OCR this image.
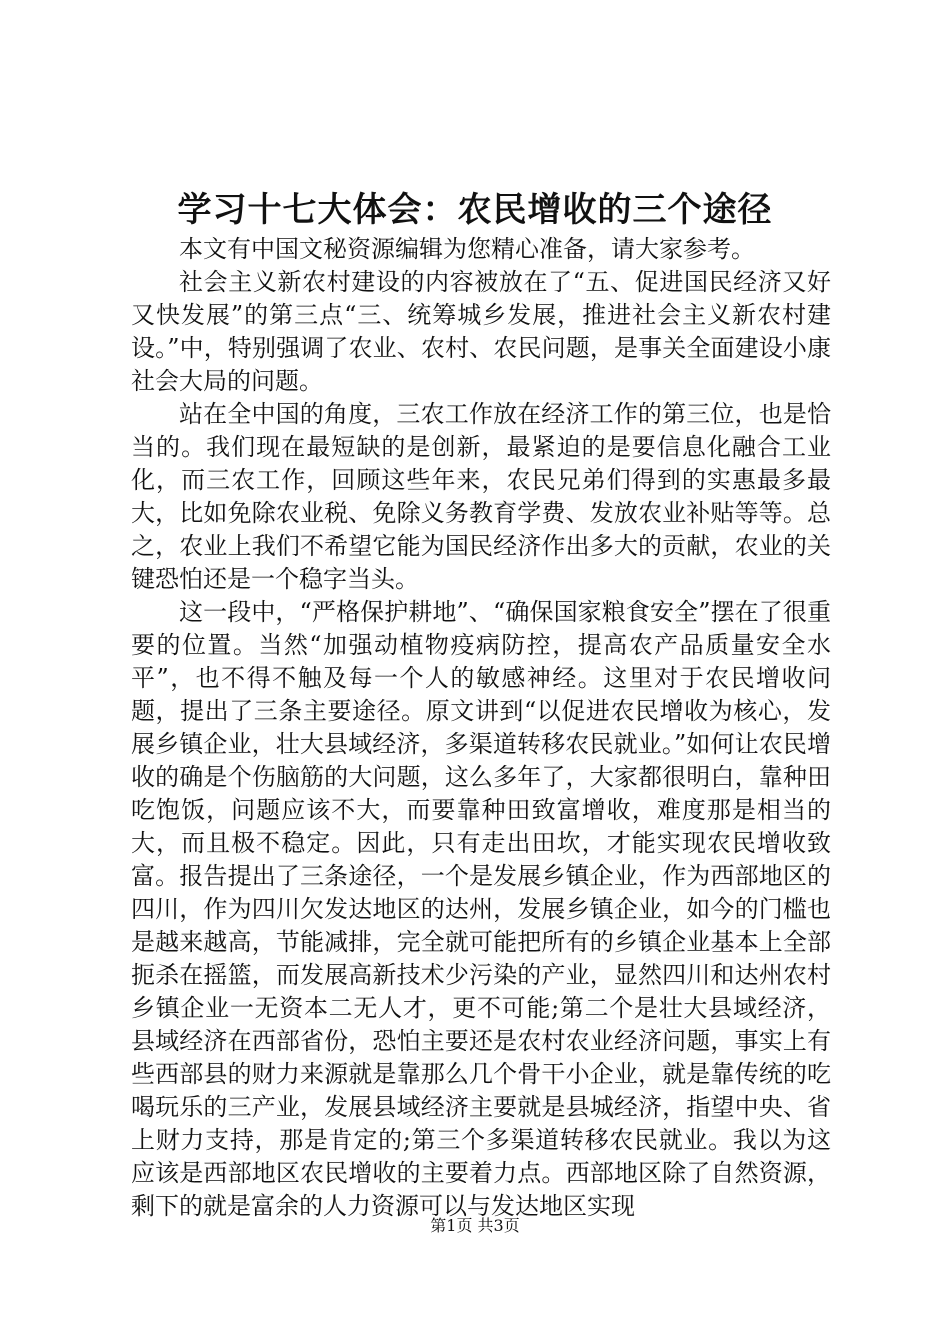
学习十七大体会：农民增收的三个途径

本文有中国文秘资源编辑为您精心准备，请大家参考。

社会主义新农村建设的内容被放在了“五、促进国民经济又好又快发展”的第三点“三、统筹城乡发展，推进社会主义新农村建设。”中，特别强调了农业、农村、农民问题，是事关全面建设小康社会大局的问题。

站在全中国的角度，三农工作放在经济工作的第三位，也是恰当的。我们现在最短缺的是创新，最紧迫的是要信息化融合工业化，而三农工作，回顾这些年来，农民兄弟们得到的实惠最多最大，比如免除农业税、免除义务教育学费、发放农业补贴等等。总之，农业上我们不希望它能为国民经济作出多大的贡献，农业的关键恐怕还是一个稳字当头。

这一段中，“严格保护耕地”、“确保国家粮食安全”摆在了很重要的位置。当然“加强动植物疫病防控，提高农产品质量安全水平”，也不得不触及每一个人的敏感神经。这里对于农民增收问题，提出了三条主要途径。原文讲到“以促进农民增收为核心，发展乡镇企业，壮大县域经济，多渠道转移农民就业。”如何让农民增收的确是个伤脑筋的大问题，这么多年了，大家都很明白，靠种田吃饱饭，问题应该不大，而要靠种田致富增收，难度那是相当的大，而且极不稳定。因此，只有走出田坎，才能实现农民增收致富。报告提出了三条途径，一个是发展乡镇企业，作为西部地区的四川，作为四川欠发达地区的达州，发展乡镇企业，如今的门槛也是越来越高，节能减排，完全就可能把所有的乡镇企业基本上全部扼杀在摇篮，而发展高新技术少污染的产业，显然四川和达州农村乡镇企业一无资本二无人才，更不可能;第二个是壮大县域经济，县域经济在西部省份，恐怕主要还是农村农业经济问题，事实上有些西部县的财力来源就是靠那么几个骨干小企业，就是靠传统的吃喝玩乐的三产业，发展县域经济主要就是县城经济，指望中央、省上财力支持，那是肯定的;第三个多渠道转移农民就业。我以为这应该是西部地区农民增收的主要着力点。西部地区除了自然资源，剩下的就是富余的人力资源可以与发达地区实现

第1页 共3页
